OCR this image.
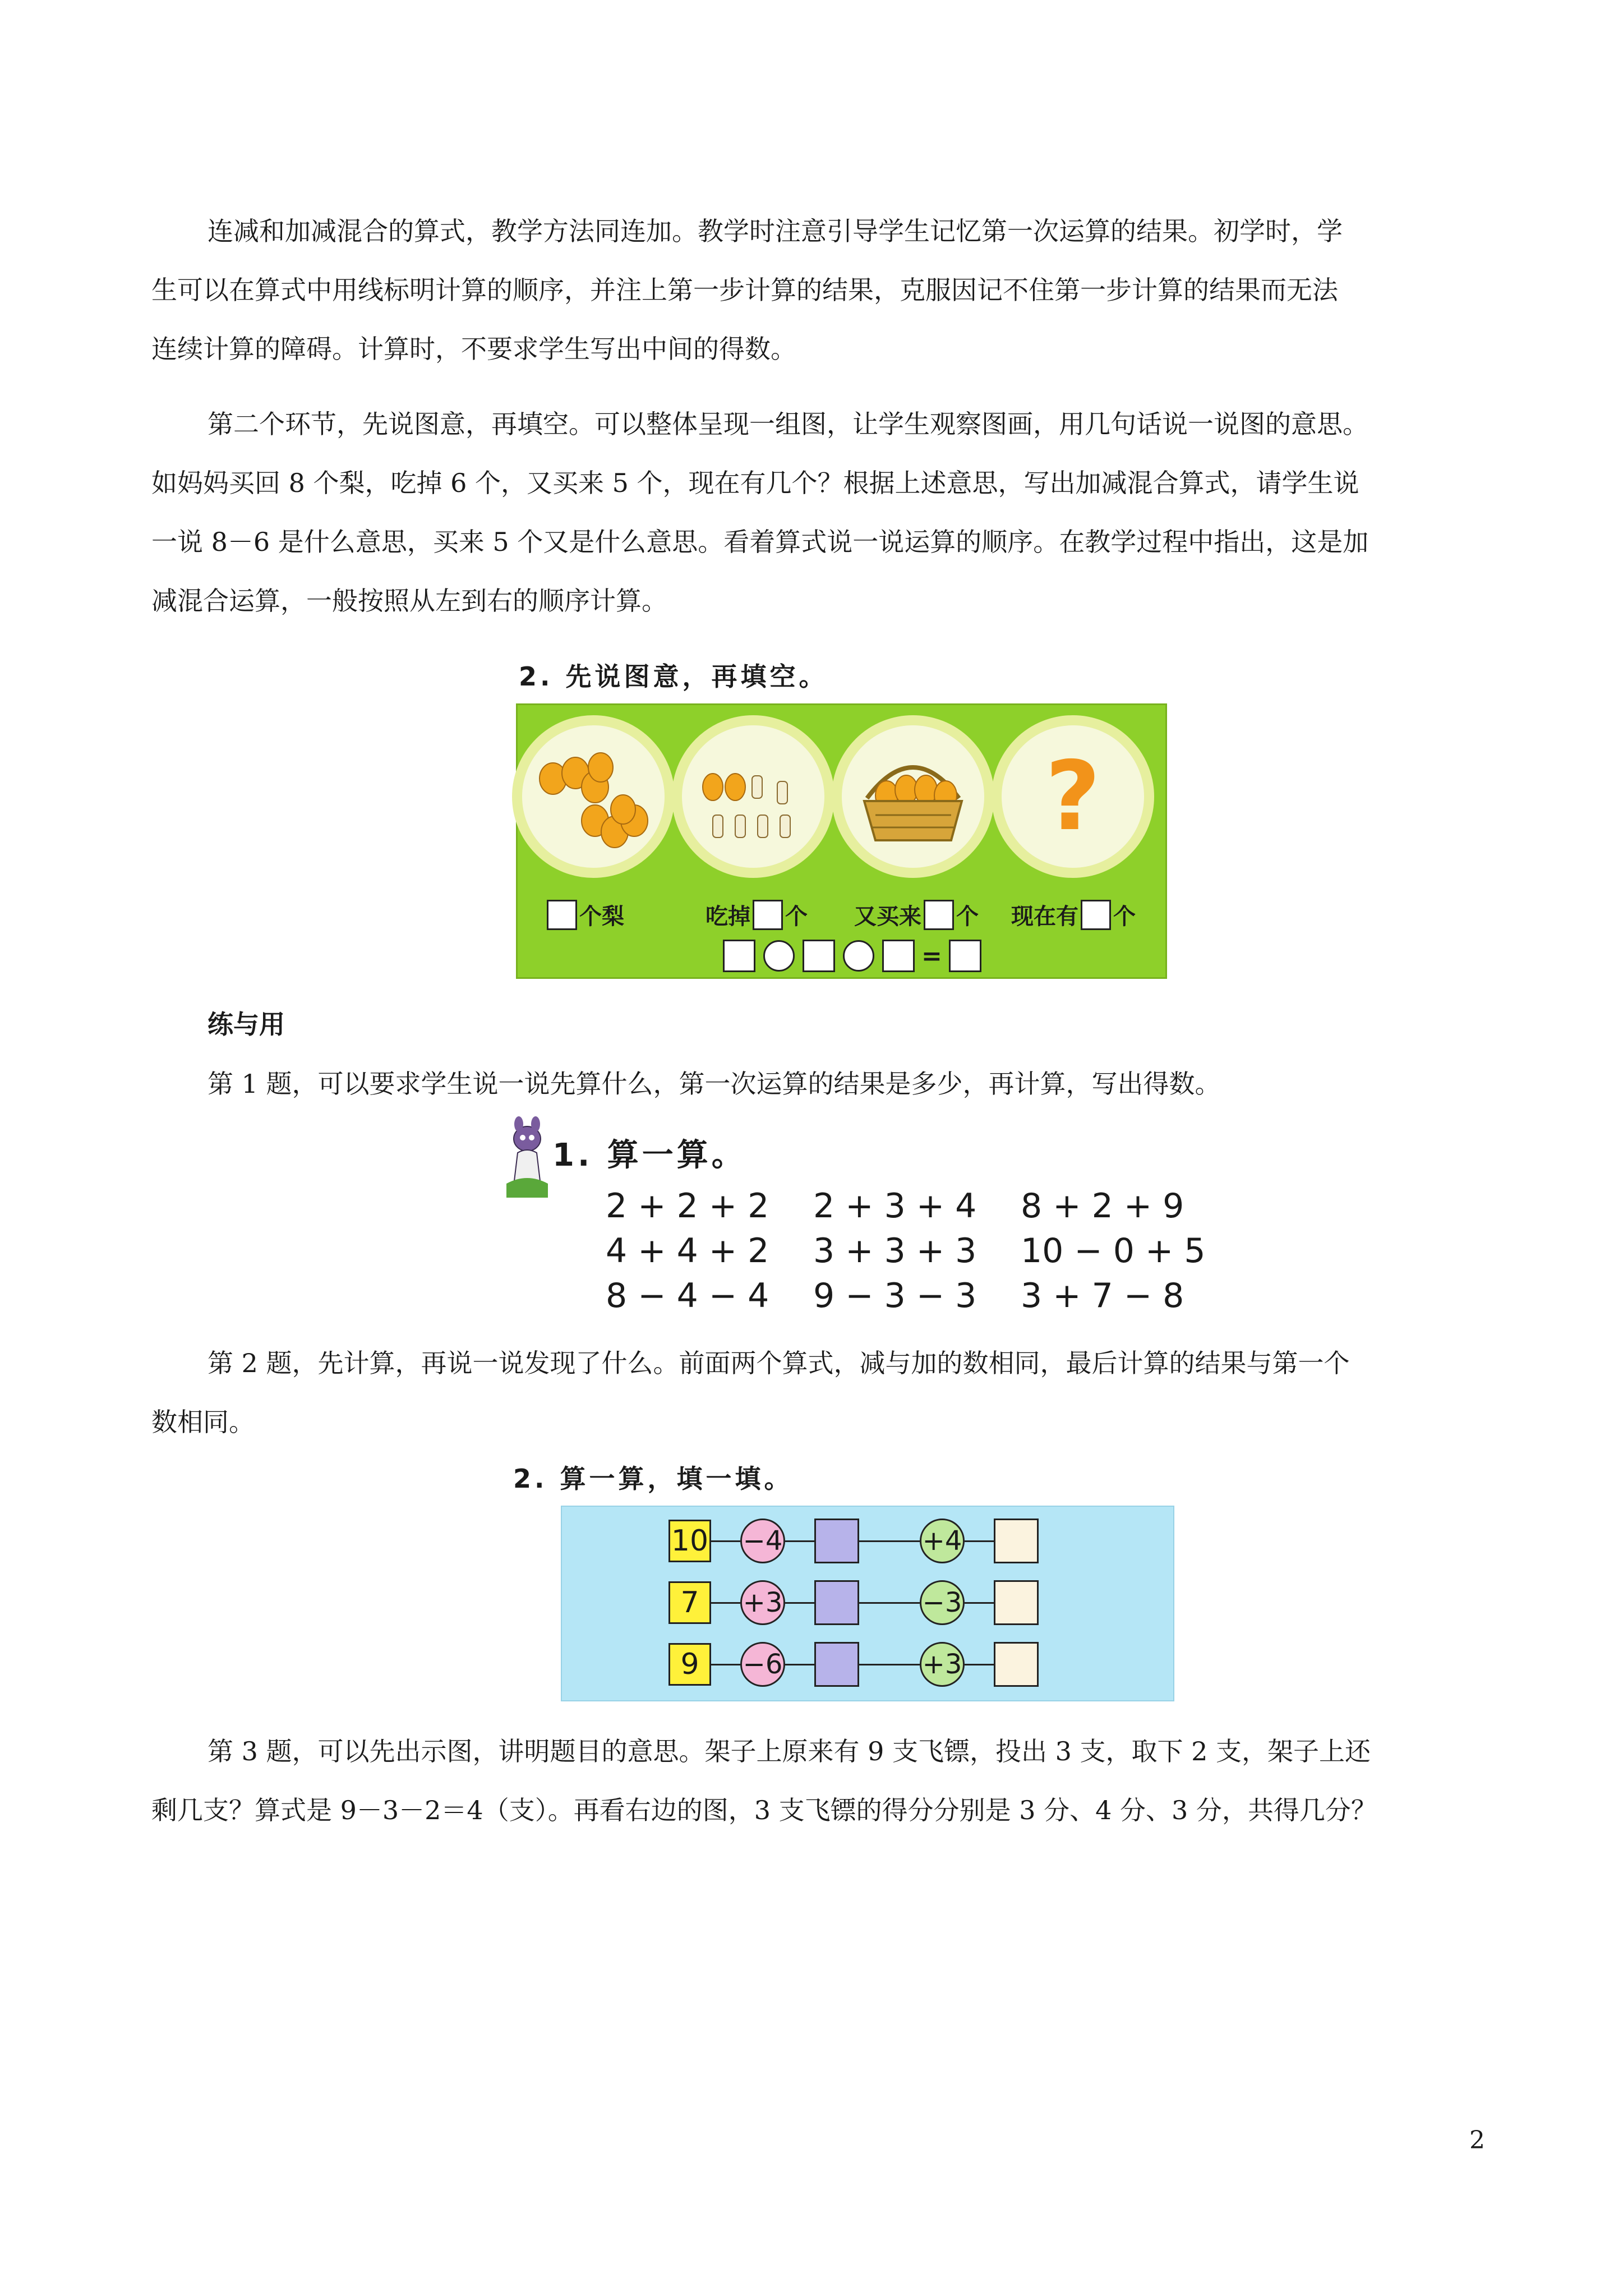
连减和加减混合的算式，教学方法同连加。教学时注意引导学生记忆第一次运算的结果。初学时，学
生可以在算式中用线标明计算的顺序，并注上第一步计算的结果，克服因记不住第一步计算的结果而无法
连续计算的障碍。计算时，不要求学生写出中间的得数。
第二个环节，先说图意，再填空。可以整体呈现一组图，让学生观察图画，用几句话说一说图的意思。
如妈妈买回 8 个梨，吃掉 6 个，又买来 5 个，现在有几个？根据上述意思，写出加减混合算式，请学生说
一说 8－6 是什么意思，买来 5 个又是什么意思。看着算式说一说运算的顺序。在教学过程中指出，这是加
减混合运算，一般按照从左到右的顺序计算。
2. 先说图意，再填空。
?
个梨	吃掉 个 又买来 个 现在有 个
=
练与用
第 1 题，可以要求学生说一说先算什么，第一次运算的结果是多少，再计算，写出得数。
1. 算一算。
2 + 2 + 2	2 + 3 + 4	8 + 2 + 9
4 + 4 + 2	3 + 3 + 3	10 − 0 + 5
8 − 4 − 4	9 − 3 − 3	3 + 7 − 8
第 2 题，先计算，再说一说发现了什么。前面两个算式，减与加的数相同，最后计算的结果与第一个
数相同。
2. 算一算，填一填。
10 −4	+4
7	+3	−3
9	−6	+3
第 3 题，可以先出示图，讲明题目的意思。架子上原来有 9 支飞镖，投出 3 支，取下 2 支，架子上还
剩几支？算式是 9－3－2＝4（支）。再看右边的图，3 支飞镖的得分分别是 3 分、4 分、3 分，共得几分？
2
